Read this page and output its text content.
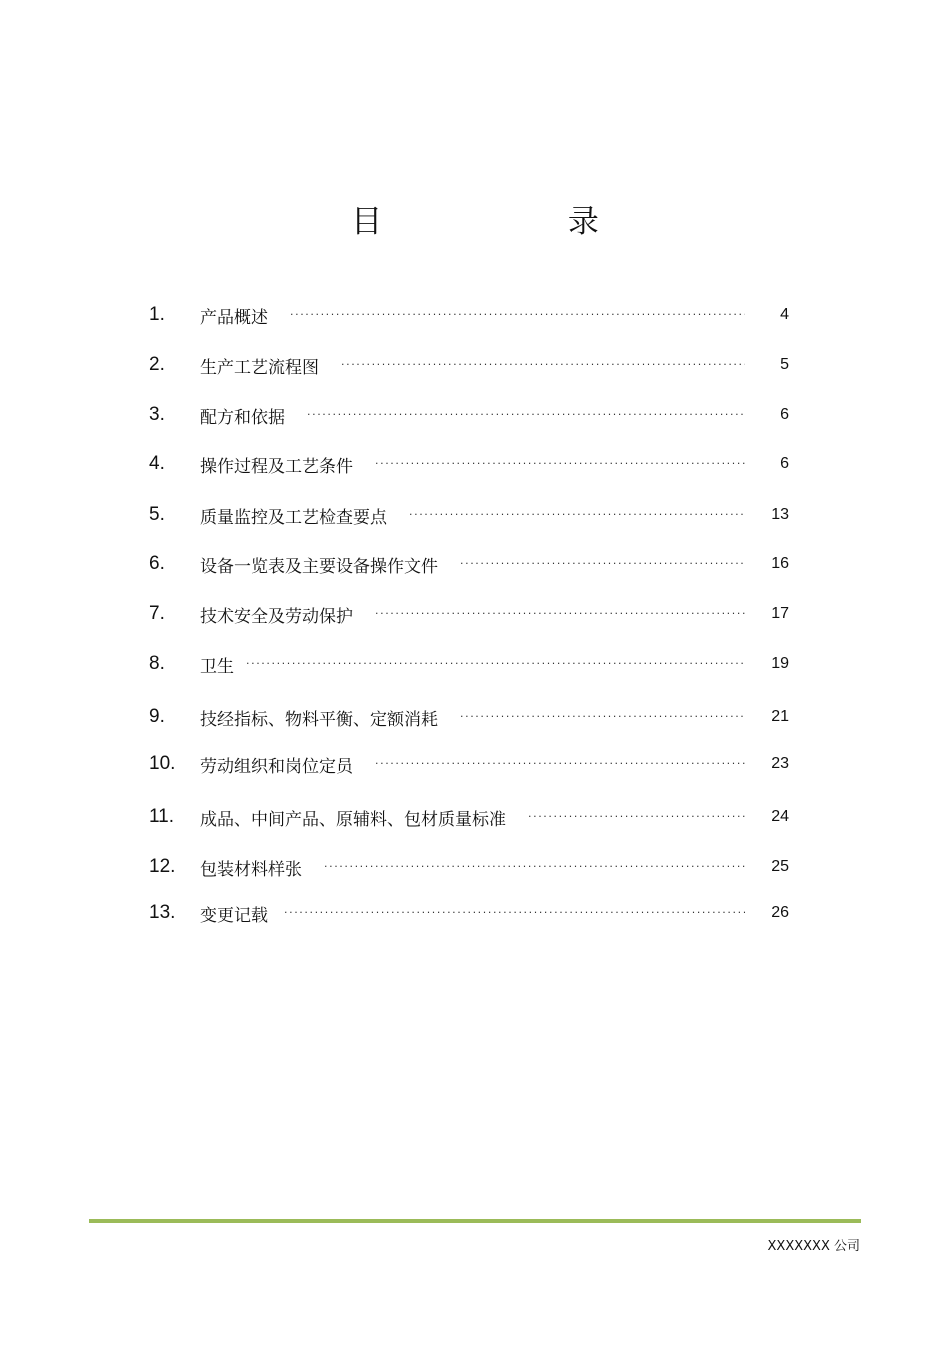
目 录
1.	产品概述 ·····	4
2.	生产工艺流程图 ·····	5
3.	配方和依据 ·····	6
4.	操作过程及工艺条件 ·····	6
5.	质量监控及工艺检查要点 ·····	13
6.	设备一览表及主要设备操作文件 ·····	16
7.	技术安全及劳动保护 ·····	17
8.	卫生 ·····	19
9.	技经指标、物料平衡、定额消耗 ·····	21
10.	劳动组织和岗位定员 ·····	23
11.	成品、中间产品、原辅料、包材质量标准 ·····	24
12.	包装材料样张 ·····	25
13.	变更记载 ·····	26
XXXXXXX 公司
